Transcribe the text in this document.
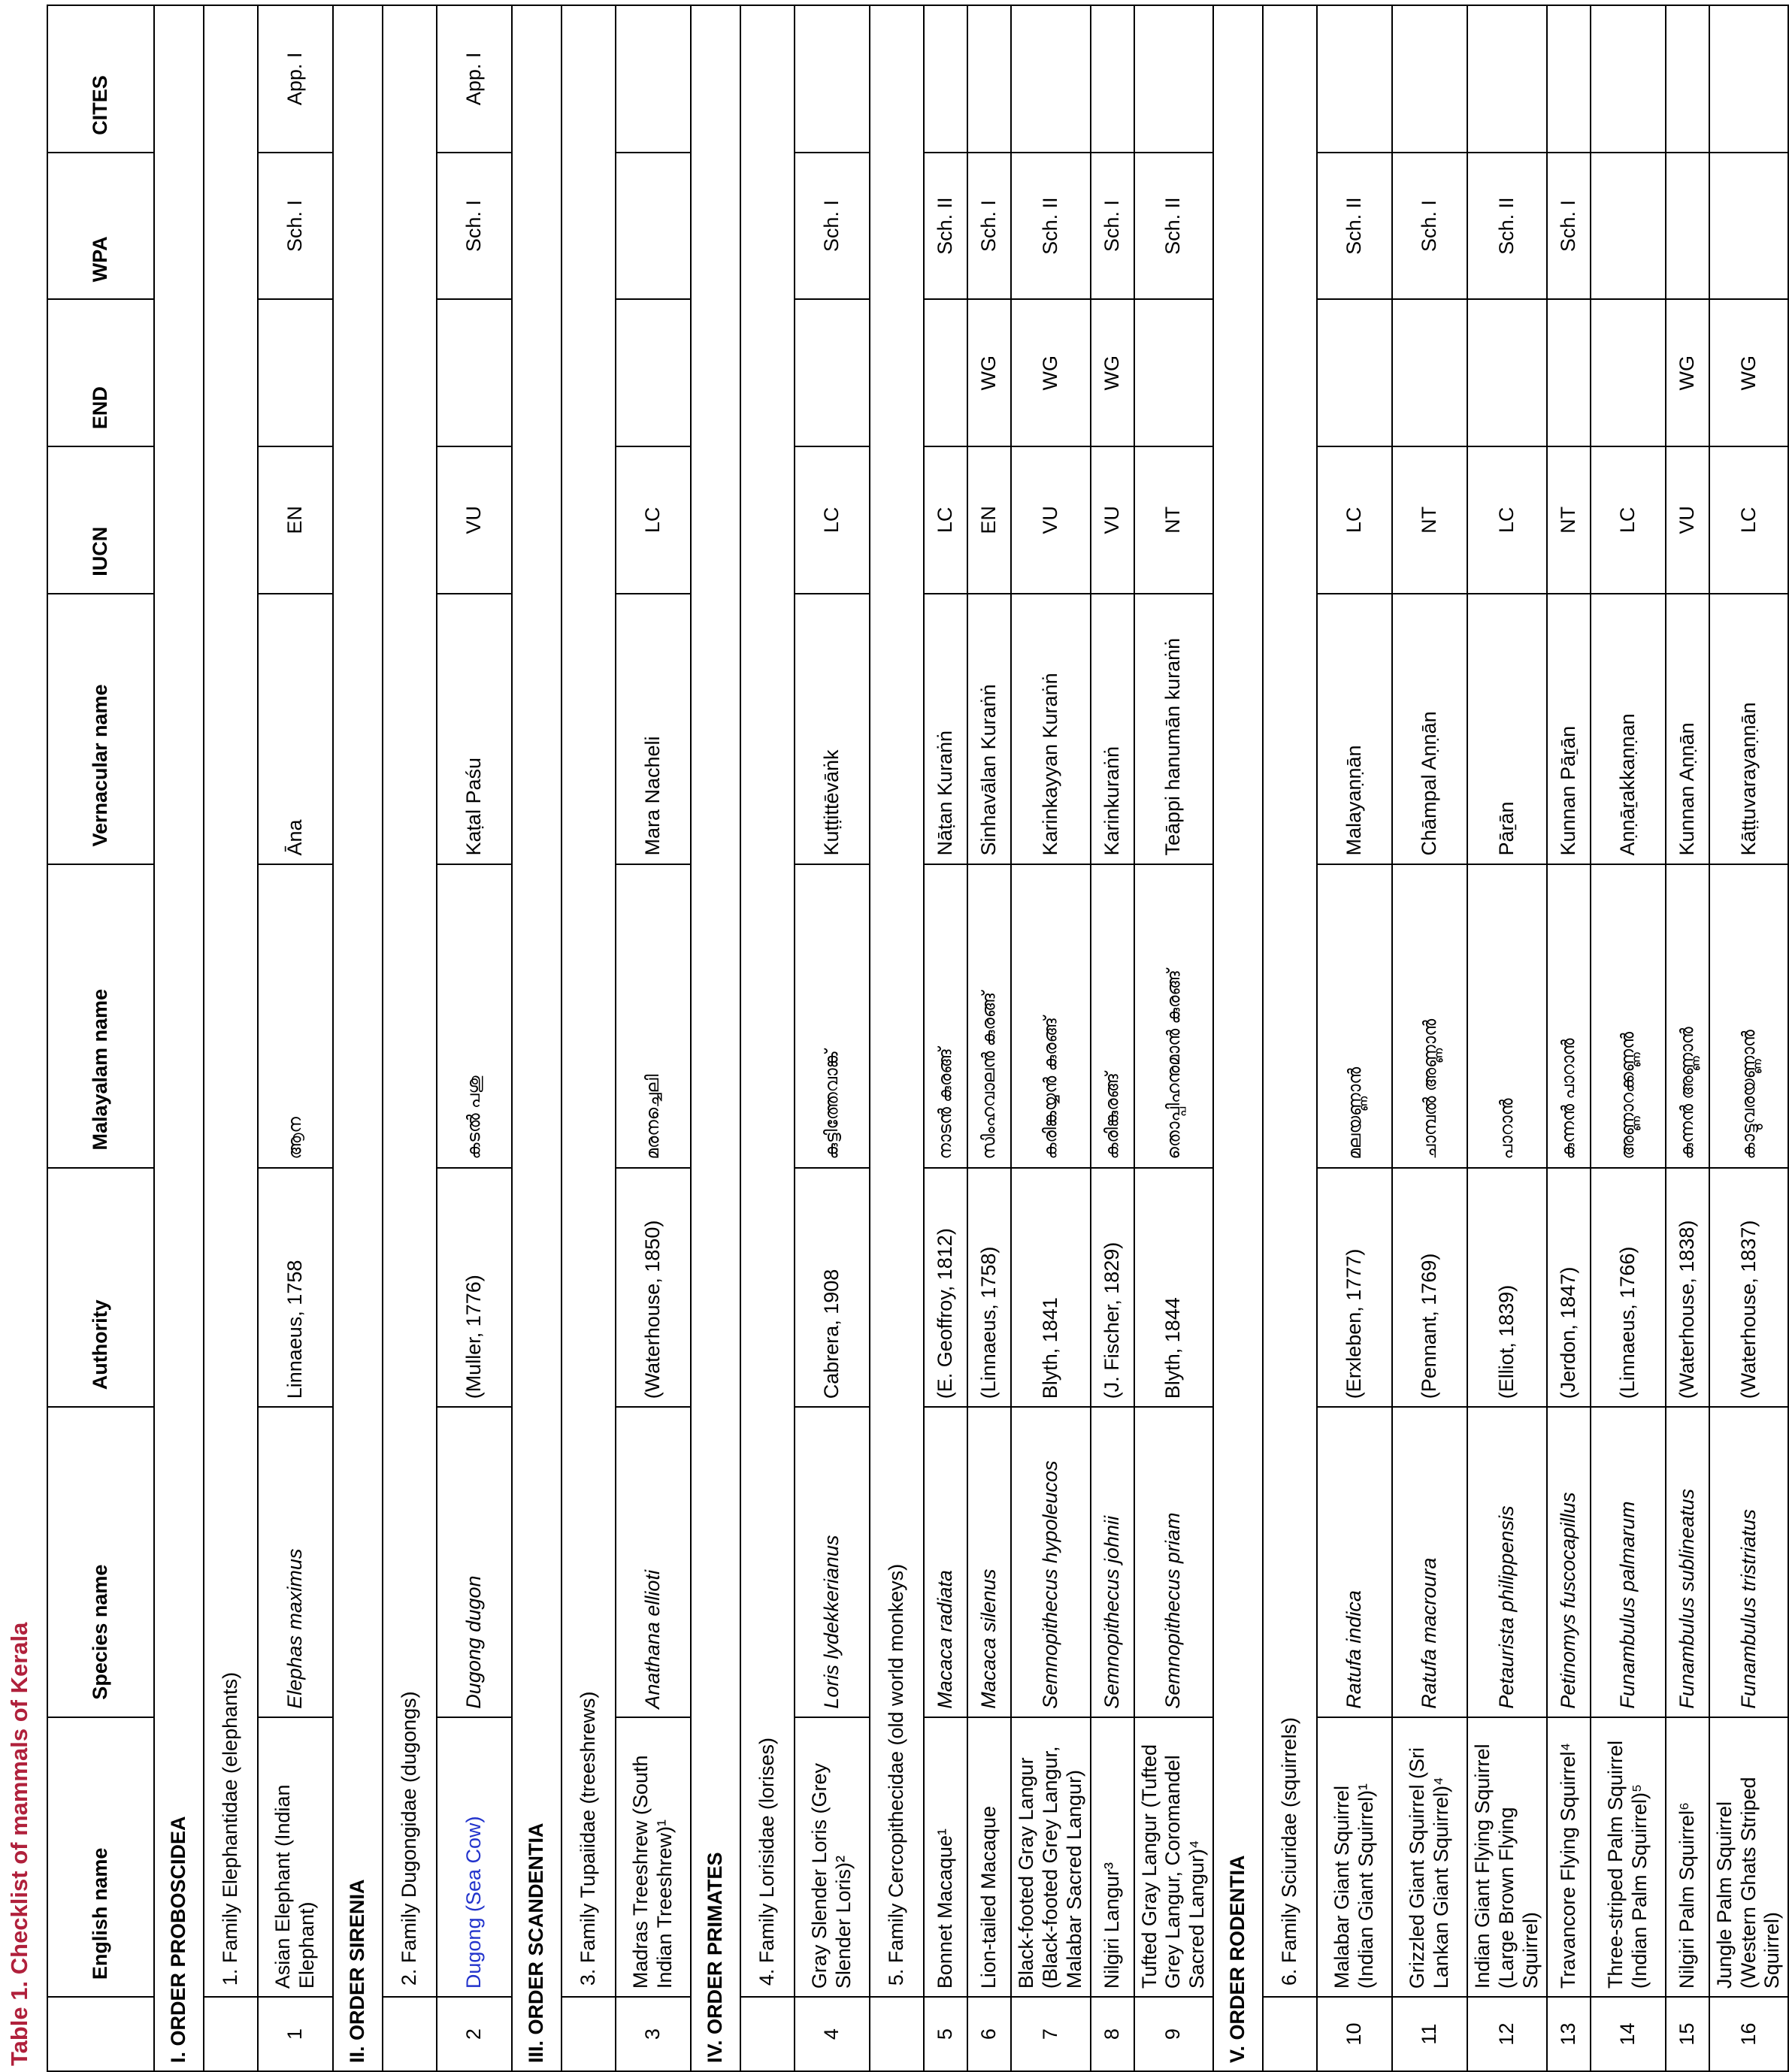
Table 1. Checklist of mammals of Kerala
		English name	Species name	Authority	Malayalam name	Vernacular name	IUCN	END	WPA	CITES
I. ORDER PROBOSCIDEA									
	1. Family Elephantidae (elephants)								
1	Asian Elephant (Indian Elephant)	Elephas maximus	Linnaeus, 1758	ആന	Āna	EN		Sch. I	App. I
II. ORDER SIRENIA									
	2. Family Dugongidae (dugongs)								
2	Dugong (Sea Cow)	Dugong dugon	(Muller, 1776)	കടൽ പശു	Kaṭal Paśu	VU		Sch. I	App. I
III. ORDER SCANDENTIA									
	3. Family Tupaiidae (treeshrews)								
3	Madras Treeshrew (South Indian Treeshrew)¹	Anathana ellioti	(Waterhouse, 1850)	മരനച്ചെലി	Mara Nacheli	LC			
IV. ORDER PRIMATES									
	4. Family Lorisidae (lorises)								
4	Gray Slender Loris (Grey Slender Loris)²	Loris lydekkerianus	Cabrera, 1908	കുട്ടിത്തേവാങ്ക്	Kuṭṭittēvāṅk	LC		Sch. I	
	5. Family Cercopithecidae (old world monkeys)								
5	Bonnet Macaque¹	Macaca radiata	(E. Geoffroy, 1812)	നാടൻ കുരങ്ങ്	Nāṭan Kuraṅṅ	LC		Sch. II	
6	Lion-tailed Macaque	Macaca silenus	(Linnaeus, 1758)	സിംഹവാലൻ കുരങ്ങ്	Sinhavālan Kuraṅṅ	EN	WG	Sch. I	
7	Black-footed Gray Langur (Black-footed Grey Langur, Malabar Sacred Langur)	Semnopithecus hypoleucos	Blyth, 1841	കരിങ്കയ്യൻ കുരങ്ങ്	Karinkayyan Kuraṅṅ	VU	WG	Sch. II	
8	Nilgiri Langur³	Semnopithecus johnii	(J. Fischer, 1829)	കരിങ്കുരങ്ങ്	Karinkuraṅṅ	VU	WG	Sch. I	
9	Tufted Gray Langur (Tufted Grey Langur, Coromandel Sacred Langur)⁴	Semnopithecus priam	Blyth, 1844	തൊപ്പിഹനുമാൻ കുരങ്ങ്	Teāppi hanumān kuraṅṅ	NT		Sch. II	
V. ORDER RODENTIA									
	6. Family Sciuridae (squirrels)								
10	Malabar Giant Squirrel (Indian Giant Squirrel)¹	Ratufa indica	(Erxleben, 1777)	മലയണ്ണാൻ	Malayaṇṇān	LC		Sch. II	
11	Grizzled Giant Squirrel (Sri Lankan Giant Squirrel)⁴	Ratufa macroura	(Pennant, 1769)	ചാമ്പൽ അണ്ണാൻ	Chāmpal Aṇṇān	NT		Sch. I	
12	Indian Giant Flying Squirrel (Large Brown Flying Squirrel)	Petaurista philippensis	(Elliot, 1839)	പാറാൻ	Pāṟān	LC		Sch. II	
13	Travancore Flying Squirrel⁴	Petinomys fuscocapillus	(Jerdon, 1847)	കുന്നൻ പാറാൻ	Kunnan Pāṟān	NT		Sch. I	
14	Three-striped Palm Squirrel (Indian Palm Squirrel)⁵	Funambulus palmarum	(Linnaeus, 1766)	അണ്ണാറക്കണ്ണൻ	Aṇṇāṟakkaṇṇan	LC			
15	Nilgiri Palm Squirrel⁶	Funambulus sublineatus	(Waterhouse, 1838)	കുന്നൻ അണ്ണാൻ	Kunnan Aṇṇān	VU	WG		
16	Jungle Palm Squirrel (Western Ghats Striped Squirrel)	Funambulus tristriatus	(Waterhouse, 1837)	കാട്ടുവരയണ്ണാൻ	Kāṭṭuvarayaṇṇān	LC	WG		
